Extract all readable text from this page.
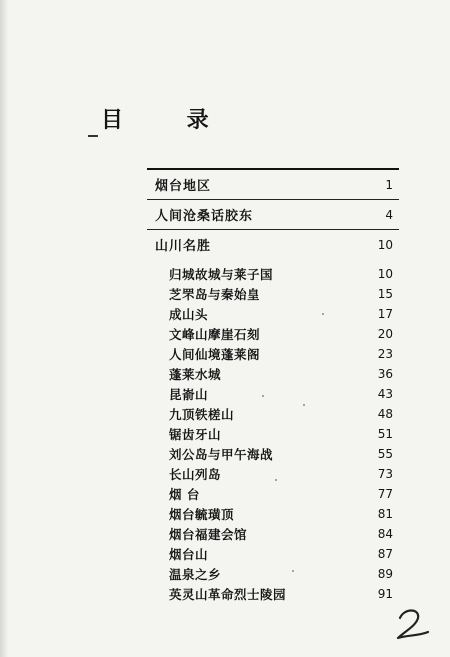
目 录
烟台地区	1
人间沧桑话胶东	4
山川名胜	10
归城故城与莱子国	10
芝罘岛与秦始皇	15
成山头	17
文峰山摩崖石刻	20
人间仙境蓬莱阁	23
蓬莱水城	36
昆嵛山	43
九顶铁槎山	48
锯齿牙山	51
刘公岛与甲午海战	55
长山列岛	73
烟 台	77
烟台毓璜顶	81
烟台福建会馆	84
烟台山	87
温泉之乡	89
英灵山革命烈士陵园	91
